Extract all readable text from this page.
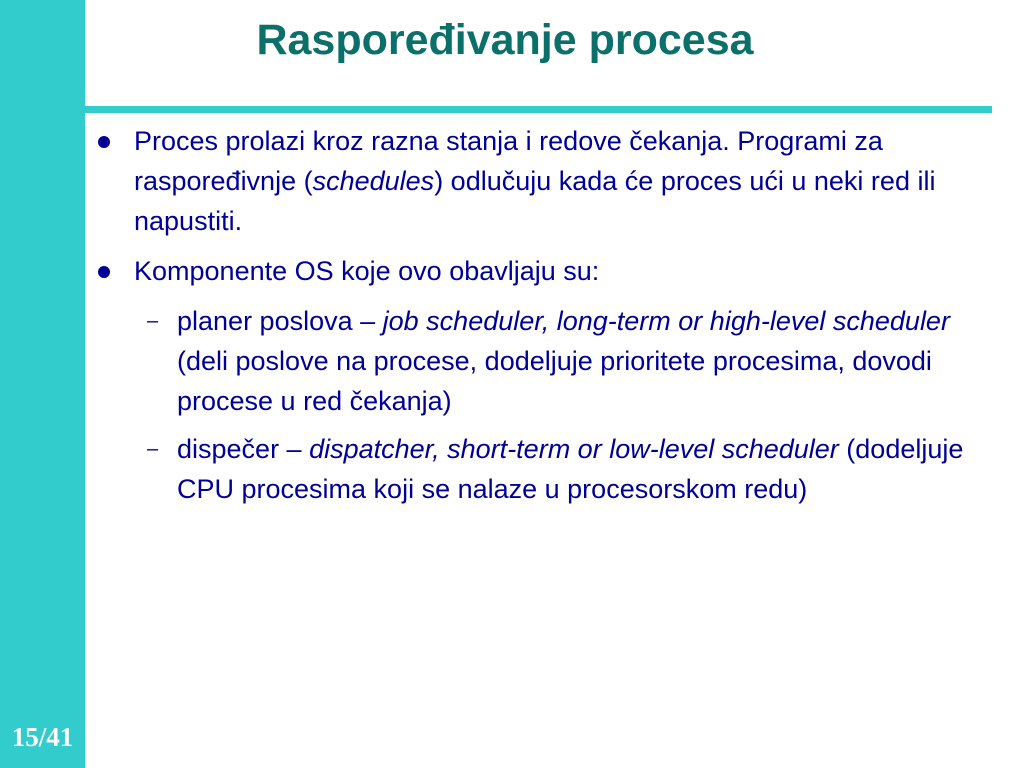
15/41
Raspoređivanje procesa
Proces prolazi kroz razna stanja i redove čekanja. Programi za raspoređivnje (schedules) odlučuju kada će proces ući u neki red ili napustiti.
Komponente OS koje ovo obavljaju su:
– planer poslova – job scheduler, long-term or high-level scheduler (deli poslove na procese, dodeljuje prioritete procesima, dovodi procese u red čekanja)
– dispečer – dispatcher, short-term or low-level scheduler (dodeljuje CPU procesima koji se nalaze u procesorskom redu)
